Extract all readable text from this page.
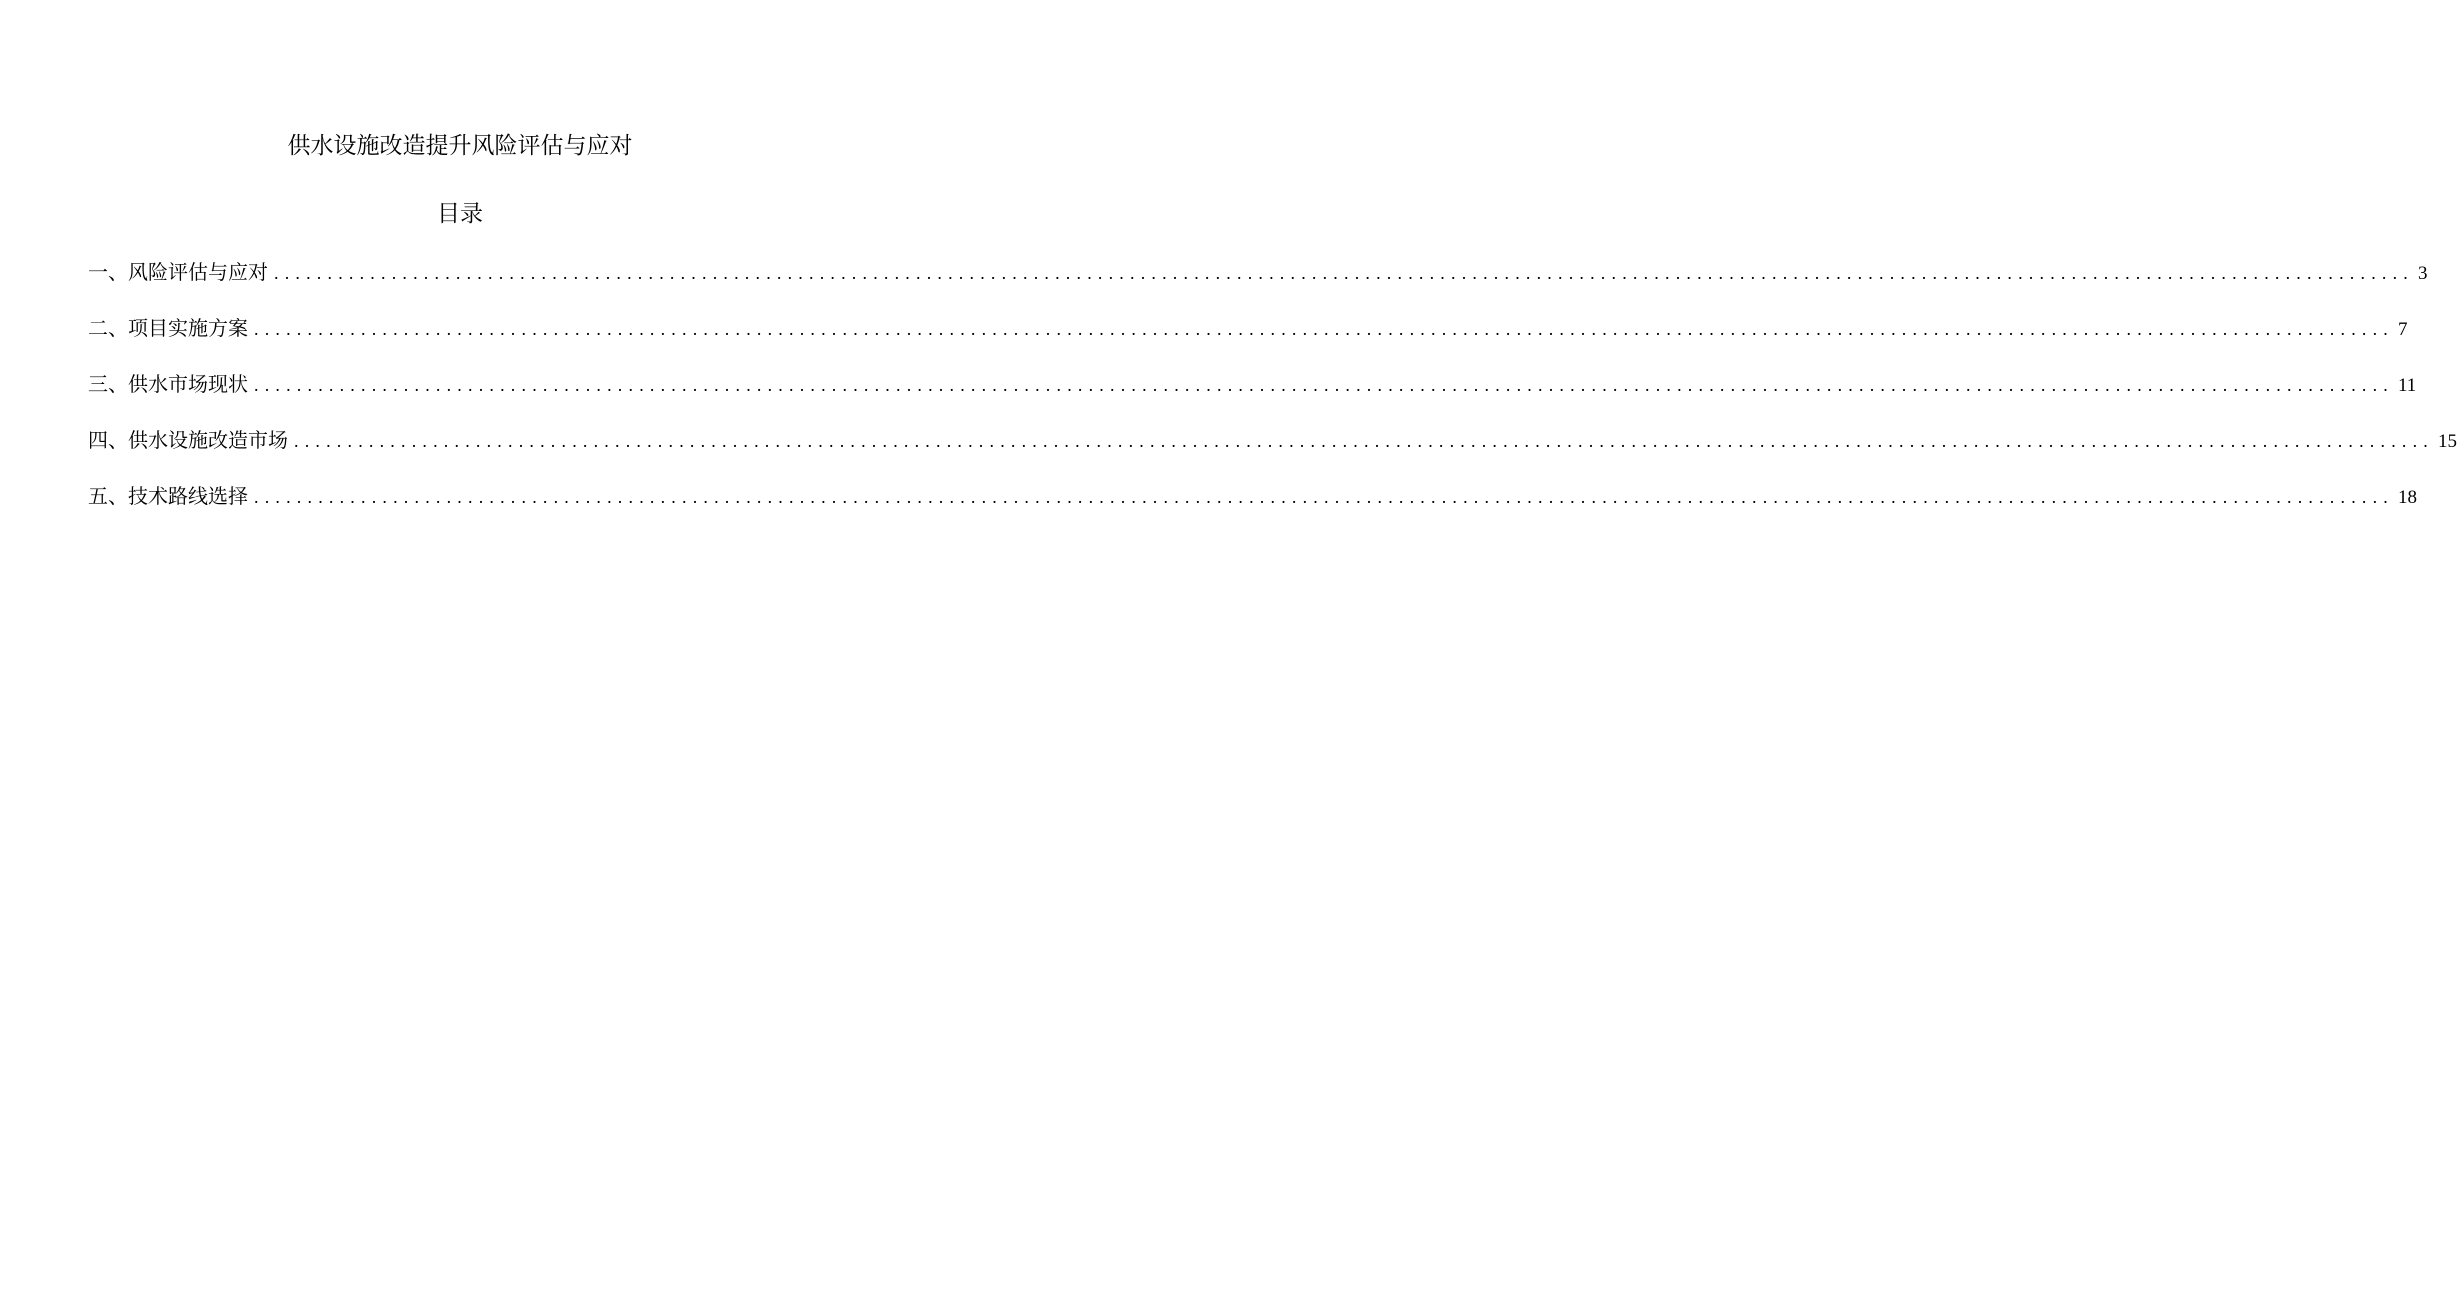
供水设施改造提升风险评估与应对
目录
一、风险评估与应对 ........................................................................................................................................................................................................ 3
二、项目实施方案 ........................................................................................................................................................................................................ 7
三、供水市场现状 ........................................................................................................................................................................................................ 11
四、供水设施改造市场 ........................................................................................................................................................................................................ 15
五、技术路线选择 ........................................................................................................................................................................................................ 18
